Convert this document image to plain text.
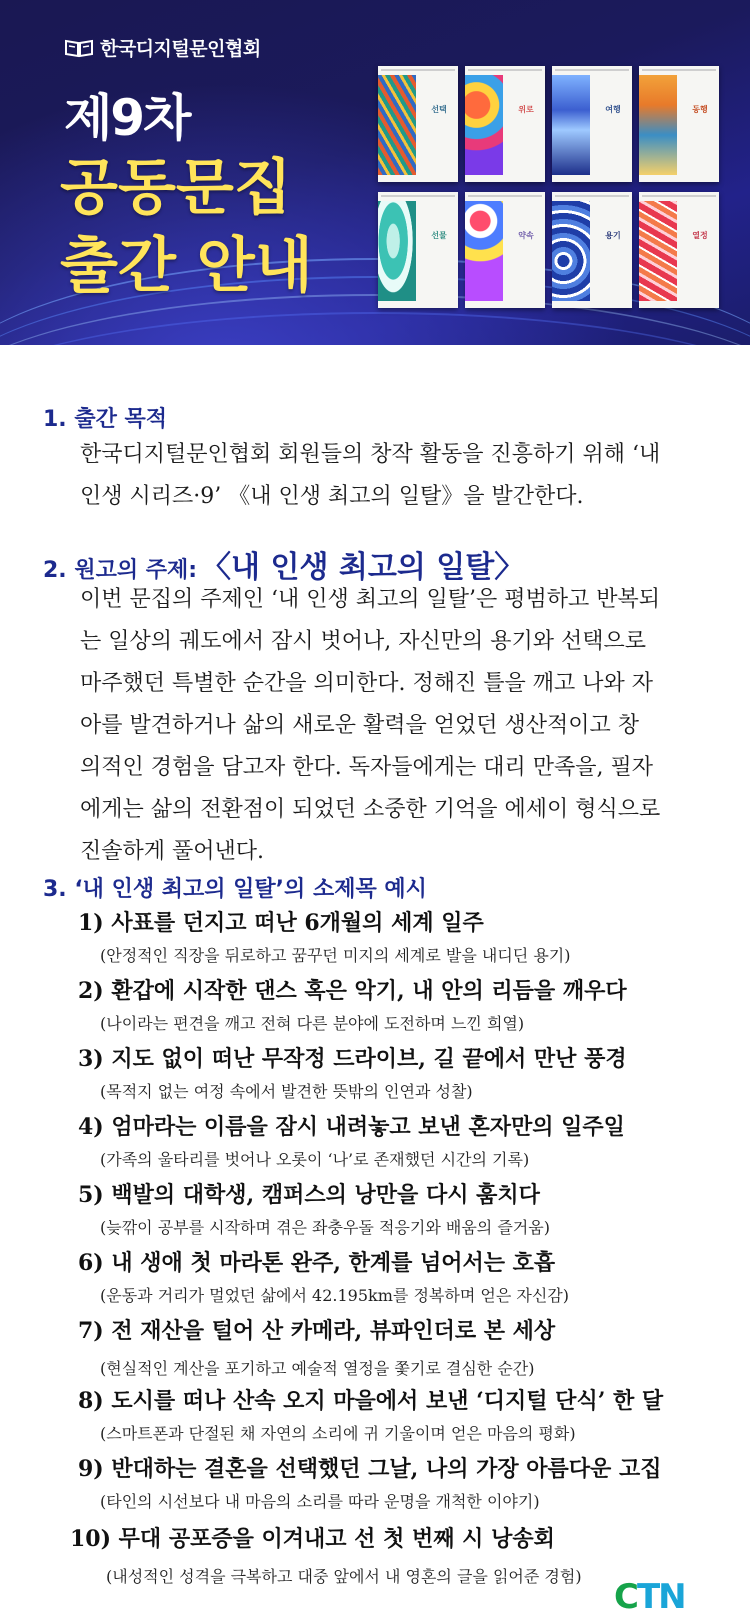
한국디지털문인협회
제9차
공동문집
출간 안내
선택	위로	여행	동행
선물	약속	용기	열정
1. 출간 목적
한국디지털문인협회 회원들의 창작 활동을 진흥하기 위해 ‘내
인생 시리즈·9’ 《내 인생 최고의 일탈》을 발간한다.
2. 원고의 주제: 〈내 인생 최고의 일탈〉
이번 문집의 주제인 ‘내 인생 최고의 일탈’은 평범하고 반복되
는 일상의 궤도에서 잠시 벗어나, 자신만의 용기와 선택으로
마주했던 특별한 순간을 의미한다. 정해진 틀을 깨고 나와 자
아를 발견하거나 삶의 새로운 활력을 얻었던 생산적이고 창
의적인 경험을 담고자 한다. 독자들에게는 대리 만족을, 필자
에게는 삶의 전환점이 되었던 소중한 기억을 에세이 형식으로
진솔하게 풀어낸다.
3. ‘내 인생 최고의 일탈’의 소제목 예시
1) 사표를 던지고 떠난 6개월의 세계 일주
(안정적인 직장을 뒤로하고 꿈꾸던 미지의 세계로 발을 내디딘 용기)
2) 환갑에 시작한 댄스 혹은 악기, 내 안의 리듬을 깨우다
(나이라는 편견을 깨고 전혀 다른 분야에 도전하며 느낀 희열)
3) 지도 없이 떠난 무작정 드라이브, 길 끝에서 만난 풍경
(목적지 없는 여정 속에서 발견한 뜻밖의 인연과 성찰)
4) 엄마라는 이름을 잠시 내려놓고 보낸 혼자만의 일주일
(가족의 울타리를 벗어나 오롯이 ‘나’로 존재했던 시간의 기록)
5) 백발의 대학생, 캠퍼스의 낭만을 다시 훔치다
(늦깎이 공부를 시작하며 겪은 좌충우돌 적응기와 배움의 즐거움)
6) 내 생애 첫 마라톤 완주, 한계를 넘어서는 호흡
(운동과 거리가 멀었던 삶에서 42.195km를 정복하며 얻은 자신감)
7) 전 재산을 털어 산 카메라, 뷰파인더로 본 세상
(현실적인 계산을 포기하고 예술적 열정을 쫓기로 결심한 순간)
8) 도시를 떠나 산속 오지 마을에서 보낸 ‘디지털 단식’ 한 달
(스마트폰과 단절된 채 자연의 소리에 귀 기울이며 얻은 마음의 평화)
9) 반대하는 결혼을 선택했던 그날, 나의 가장 아름다운 고집
(타인의 시선보다 내 마음의 소리를 따라 운명을 개척한 이야기)
10) 무대 공포증을 이겨내고 선 첫 번째 시 낭송회
(내성적인 성격을 극복하고 대중 앞에서 내 영혼의 글을 읽어준 경험)
CTN
